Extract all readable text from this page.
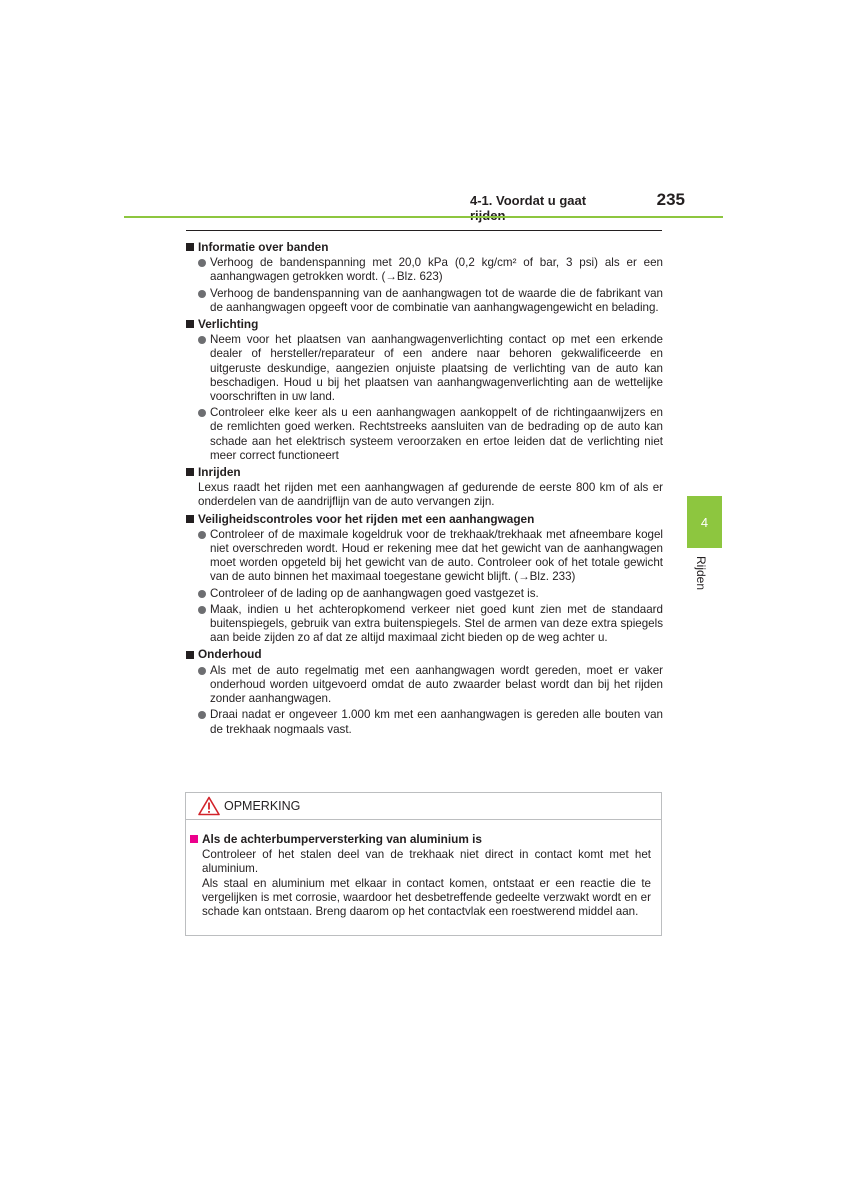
4-1. Voordat u gaat	235
4
Rijden
Informatie over banden
Verhoog de bandenspanning met 20,0 kPa (0,2 kg/cm² of bar, 3 psi) als er een aanhangwagen getrokken wordt. (→Blz. 623)
Verhoog de bandenspanning van de aanhangwagen tot de waarde die de fabrikant van de aanhangwagen opgeeft voor de combinatie van aanhangwagengewicht en belading.
Verlichting
Neem voor het plaatsen van aanhangwagenverlichting contact op met een erkende dealer of hersteller/reparateur of een andere naar behoren gekwalificeerde en uitgeruste deskundige, aangezien onjuiste plaatsing de verlichting van de auto kan beschadigen. Houd u bij het plaatsen van aanhangwagenverlichting aan de wettelijke voorschriften in uw land.
Controleer elke keer als u een aanhangwagen aankoppelt of de richtingaanwijzers en de remlichten goed werken. Rechtstreeks aansluiten van de bedrading op de auto kan schade aan het elektrisch systeem veroorzaken en ertoe leiden dat de verlichting niet meer correct functioneert
Inrijden
Lexus raadt het rijden met een aanhangwagen af gedurende de eerste 800 km of als er onderdelen van de aandrijflijn van de auto vervangen zijn.
Veiligheidscontroles voor het rijden met een aanhangwagen
Controleer of de maximale kogeldruk voor de trekhaak/trekhaak met afneembare kogel niet overschreden wordt. Houd er rekening mee dat het gewicht van de aanhangwagen moet worden opgeteld bij het gewicht van de auto. Controleer ook of het totale gewicht van de auto binnen het maximaal toegestane gewicht blijft. (→Blz. 233)
Controleer of de lading op de aanhangwagen goed vastgezet is.
Maak, indien u het achteropkomend verkeer niet goed kunt zien met de standaard buitenspiegels, gebruik van extra buitenspiegels. Stel de armen van deze extra spiegels aan beide zijden zo af dat ze altijd maximaal zicht bieden op de weg achter u.
Onderhoud
Als met de auto regelmatig met een aanhangwagen wordt gereden, moet er vaker onderhoud worden uitgevoerd omdat de auto zwaarder belast wordt dan bij het rijden zonder aanhangwagen.
Draai nadat er ongeveer 1.000 km met een aanhangwagen is gereden alle bouten van de trekhaak nogmaals vast.
OPMERKING
Als de achterbumperversterking van aluminium is
Controleer of het stalen deel van de trekhaak niet direct in contact komt met het aluminium.
Als staal en aluminium met elkaar in contact komen, ontstaat er een reactie die te vergelijken is met corrosie, waardoor het desbetreffende gedeelte verzwakt wordt en er schade kan ontstaan. Breng daarom op het contactvlak een roestwerend middel aan.
